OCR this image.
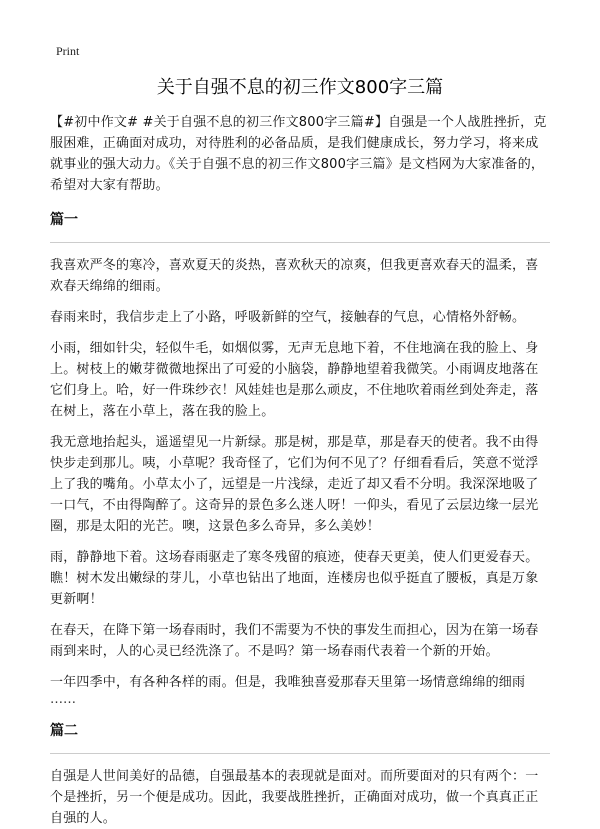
Print
关于自强不息的初三作文800字三篇

【#初中作文# #关于自强不息的初三作文800字三篇#】自强是一个人战胜挫折，克服困难，正确面对成功，对待胜利的必备品质，是我们健康成长，努力学习，将来成就事业的强大动力。《关于自强不息的初三作文800字三篇》是文档网为大家准备的，希望对大家有帮助。

篇一

我喜欢严冬的寒冷，喜欢夏天的炎热，喜欢秋天的凉爽，但我更喜欢春天的温柔，喜欢春天绵绵的细雨。

春雨来时，我信步走上了小路，呼吸新鲜的空气，接触春的气息，心情格外舒畅。

小雨，细如针尖，轻似牛毛，如烟似雾，无声无息地下着，不住地滴在我的脸上、身上。树枝上的嫩芽微微地探出了可爱的小脑袋，静静地望着我微笑。小雨调皮地落在它们身上。哈，好一件珠纱衣！风娃娃也是那么顽皮，不住地吹着雨丝到处奔走，落在树上，落在小草上，落在我的脸上。

我无意地抬起头，遥遥望见一片新绿。那是树，那是草，那是春天的使者。我不由得快步走到那儿。咦，小草呢？我奇怪了，它们为何不见了？仔细看看后，笑意不觉浮上了我的嘴角。小草太小了，远望是一片浅绿，走近了却又看不分明。我深深地吸了一口气，不由得陶醉了。这奇异的景色多么迷人呀！一仰头，看见了云层边缘一层光圈，那是太阳的光芒。噢，这景色多么奇异，多么美妙！

雨，静静地下着。这场春雨驱走了寒冬残留的痕迹，使春天更美，使人们更爱春天。瞧！树木发出嫩绿的芽儿，小草也钻出了地面，连楼房也似乎挺直了腰板，真是万象更新啊！

在春天，在降下第一场春雨时，我们不需要为不快的事发生而担心，因为在第一场春雨到来时，人的心灵已经洗涤了。不是吗？第一场春雨代表着一个新的开始。

一年四季中，有各种各样的雨。但是，我唯独喜爱那春天里第一场情意绵绵的细雨

……
篇二

自强是人世间美好的品德，自强最基本的表现就是面对。而所要面对的只有两个：一个是挫折，另一个便是成功。因此，我要战胜挫折，正确面对成功，做一个真真正正自强的人。
